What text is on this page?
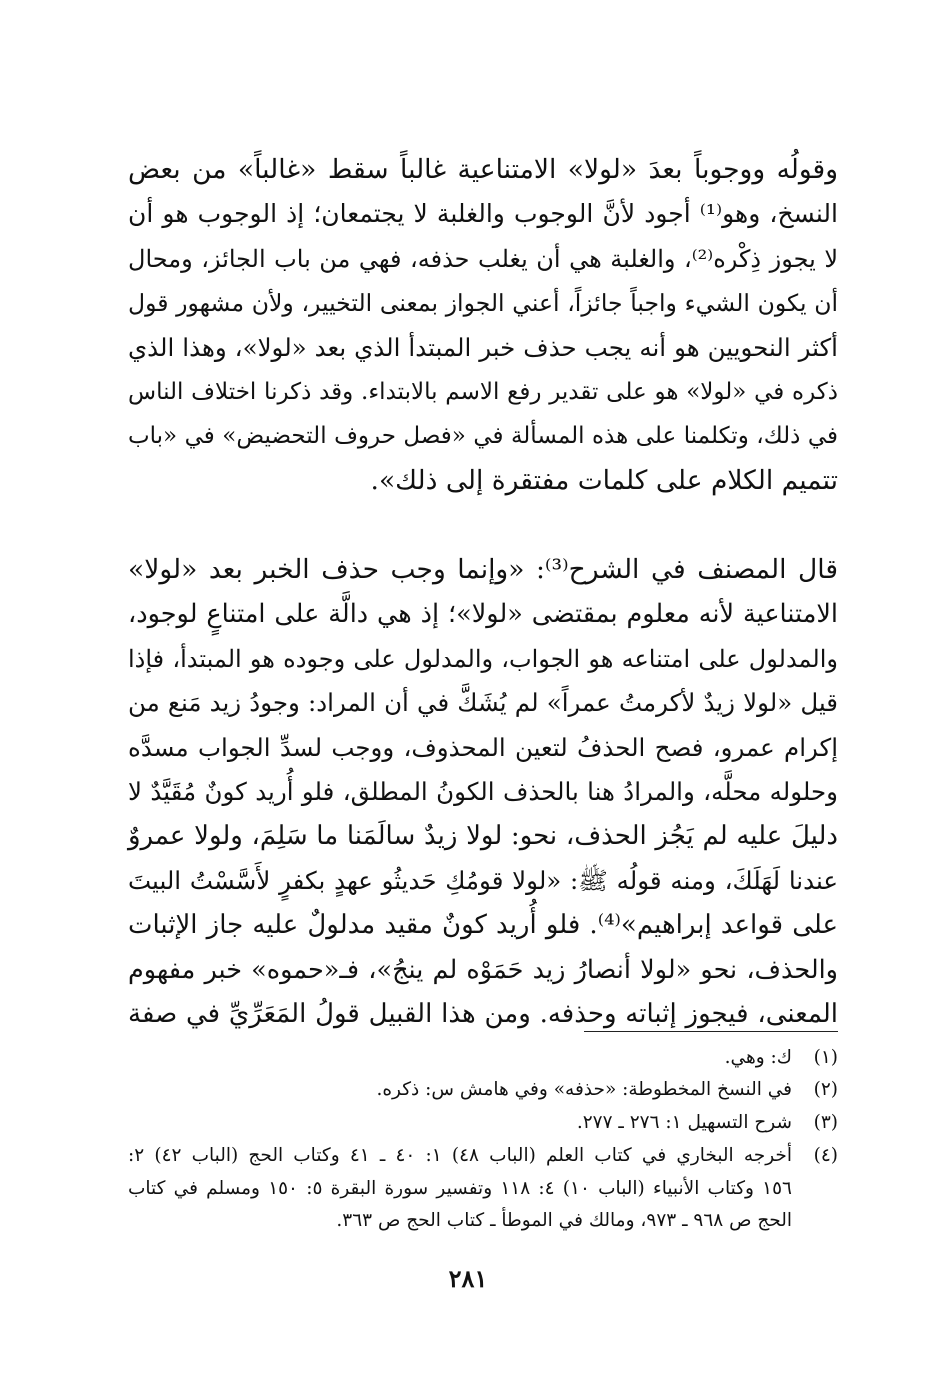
وقولُه ووجوباً بعدَ «لولا» الامتناعية غالباً سقط «غالباً» من بعض
النسخ، وهو⁽¹⁾ أجود لأنَّ الوجوب والغلبة لا يجتمعان؛ إذ الوجوب هو أن
لا يجوز ذِكْره⁽²⁾، والغلبة هي أن يغلب حذفه، فهي من باب الجائز، ومحال
أن يكون الشيء واجباً جائزاً، أعني الجواز بمعنى التخيير، ولأن مشهور قول
أكثر النحويين هو أنه يجب حذف خبر المبتدأ الذي بعد «لولا»، وهذا الذي
ذكره في «لولا» هو على تقدير رفع الاسم بالابتداء. وقد ذكرنا اختلاف الناس
في ذلك، وتكلمنا على هذه المسألة في «فصل حروف التحضيض» في «باب
تتميم الكلام على كلمات مفتقرة إلى ذلك».
قال المصنف في الشرح⁽³⁾: «وإنما وجب حذف الخبر بعد «لولا»
الامتناعية لأنه معلوم بمقتضى «لولا»؛ إذ هي دالَّة على امتناعٍ لوجود،
والمدلول على امتناعه هو الجواب، والمدلول على وجوده هو المبتدأ، فإذا
قيل «لولا زيدٌ لأكرمتُ عمراً» لم يُشَكَّ في أن المراد: وجودُ زيد مَنع من
إكرام عمرو، فصح الحذفُ لتعين المحذوف، ووجب لسدِّ الجواب مسدَّه
وحلوله محلَّه، والمرادُ هنا بالحذف الكونُ المطلق، فلو أُريد كونٌ مُقَيَّدٌ لا
دليلَ عليه لم يَجُز الحذف، نحو: لولا زيدٌ سالَمَنا ما سَلِمَ، ولولا عمروٌ
عندنا لَهَلَكَ، ومنه قولُه ﷺ: «لولا قومُكِ حَديثُو عهدٍ بكفرٍ لأَسَّسْتُ البيتَ
على قواعد إبراهيم»⁽⁴⁾. فلو أُريد كونٌ مقيد مدلولٌ عليه جاز الإثبات
والحذف، نحو «لولا أنصارُ زيد حَمَوْه لم ينجُ»، فـ«حموه» خبر مفهوم
المعنى، فيجوز إثباته وحذفه. ومن هذا القبيل قولُ المَعَرِّيِّ في صفة
(١)ك: وهي.
(٢)في النسخ المخطوطة: «حذفه» وفي هامش س: ذكره.
(٣)شرح التسهيل ١: ٢٧٦ ـ ٢٧٧.
(٤)أخرجه البخاري في كتاب العلم (الباب ٤٨) ١: ٤٠ ـ ٤١ وكتاب الحج (الباب ٤٢) ٢:
١٥٦ وكتاب الأنبياء (الباب ١٠) ٤: ١١٨ وتفسير سورة البقرة ٥: ١٥٠ ومسلم في كتاب
الحج ص ٩٦٨ ـ ٩٧٣، ومالك في الموطأ ـ كتاب الحج ص ٣٦٣.
٢٨١
